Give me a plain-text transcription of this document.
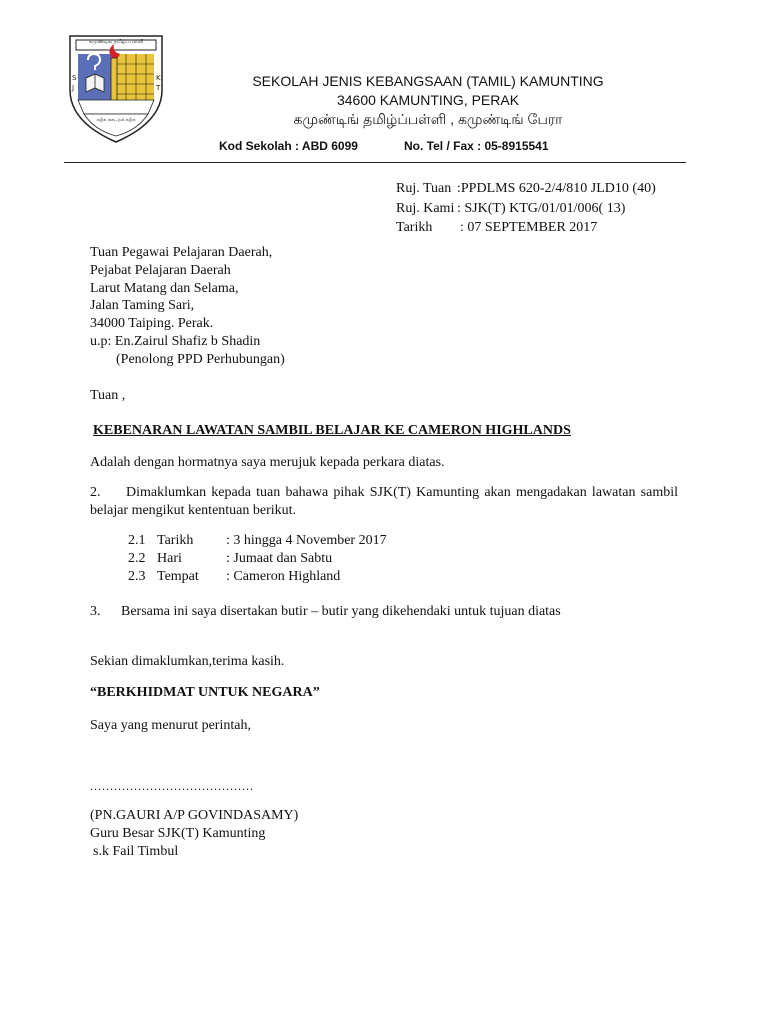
S
J
K
T
கமுண்டிங் தமிழ்ப்பள்ளி
கற்க கசடறக் கற்க
SEKOLAH JENIS KEBANGSAAN (TAMIL) KAMUNTING
34600 KAMUNTING, PERAK
கமுண்டிங் தமிழ்ப்பள்ளி , கமுண்டிங் பேரா
Kod Sekolah : ABD 6099	No. Tel / Fax : 05-8915541
Ruj. Tuan :PPDLMS 620-2/4/810 JLD10 (40)
Ruj. Kami : SJK(T) KTG/01/01/006( 13)
Tarikh : 07 SEPTEMBER 2017
Tuan Pegawai Pelajaran Daerah,
Pejabat Pelajaran Daerah
Larut Matang dan Selama,
Jalan Taming Sari,
34000 Taiping. Perak.
u.p: En.Zairul Shafiz b Shadin
(Penolong PPD Perhubungan)
Tuan ,
KEBENARAN LAWATAN SAMBIL BELAJAR KE CAMERON HIGHLANDS
Adalah dengan hormatnya saya merujuk kepada perkara diatas.
2.	Dimaklumkan kepada tuan bahawa pihak SJK(T) Kamunting akan mengadakan lawatan sambil belajar mengikut kententuan berikut.
2.1 Tarikh : 3 hingga 4 November 2017
2.2 Hari	: Jumaat dan Sabtu
2.3 Tempat : Cameron Highland
3. Bersama ini saya disertakan butir – butir yang dikehendaki untuk tujuan diatas
Sekian dimaklumkan,terima kasih.
“BERKHIDMAT UNTUK NEGARA”
Saya yang menurut perintah,
.........................................
(PN.GAURI A/P GOVINDASAMY)
Guru Besar SJK(T) Kamunting
s.k Fail Timbul
